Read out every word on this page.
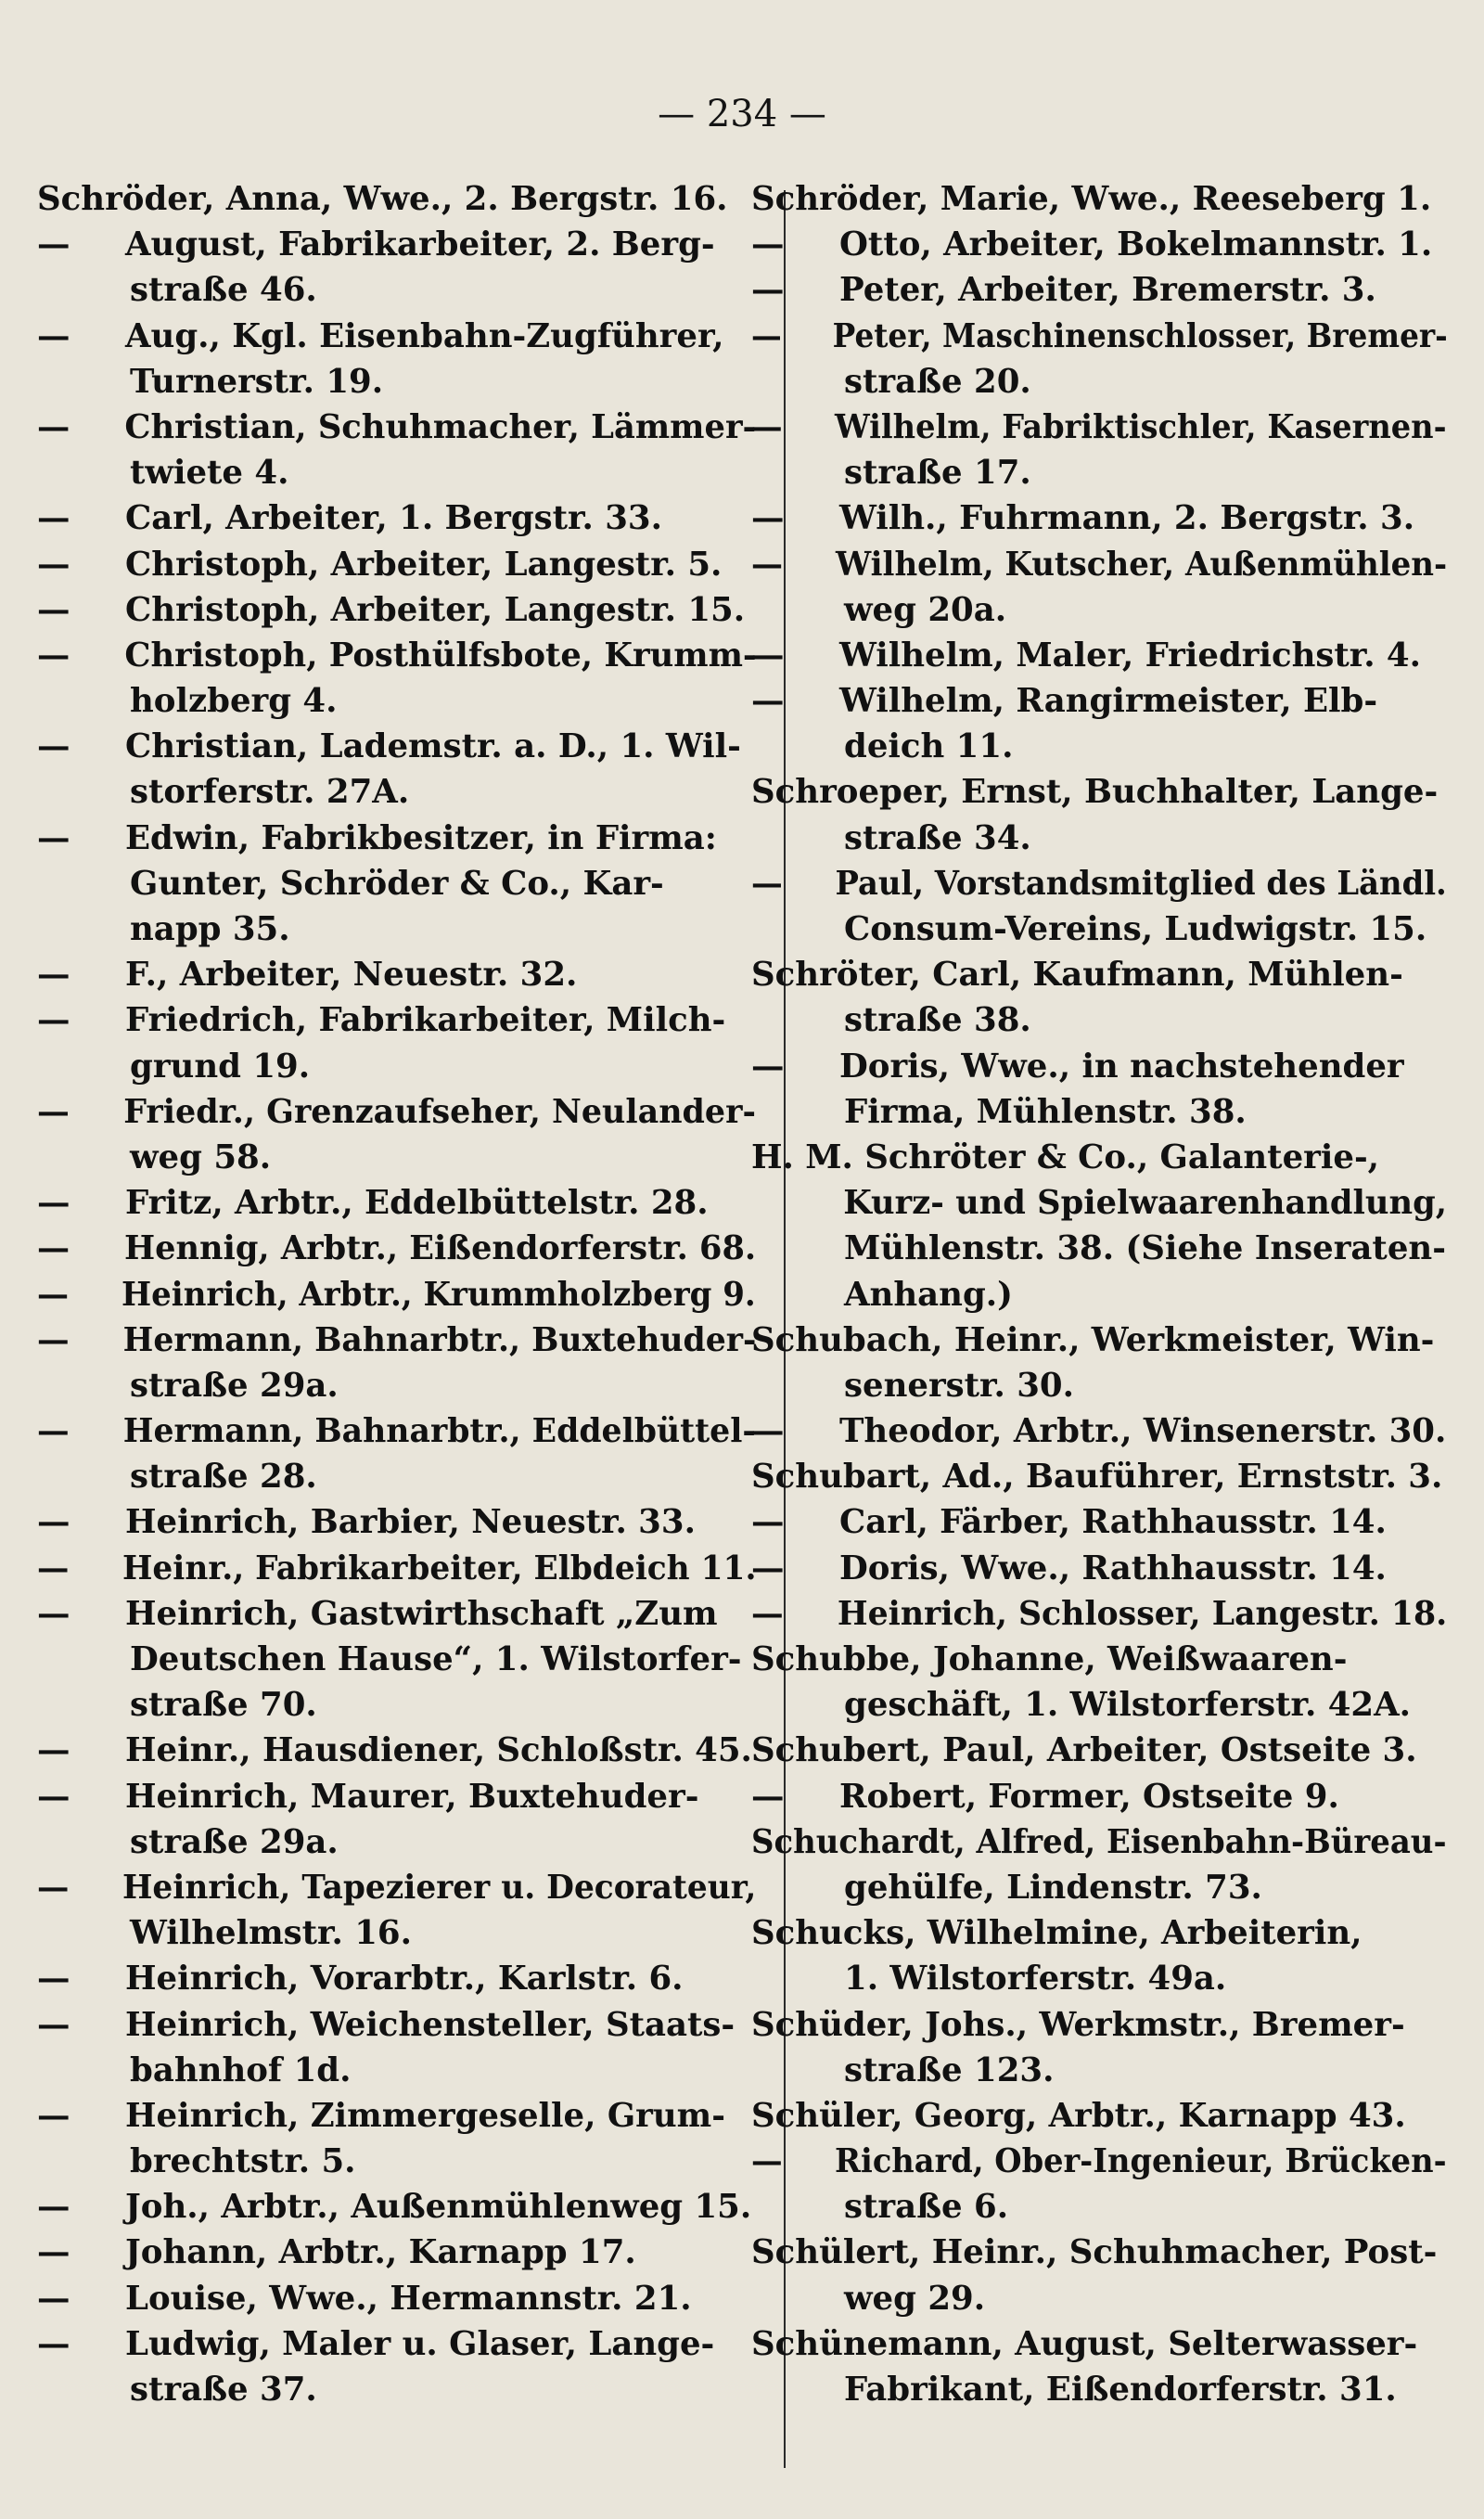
— 234 —
Schröder, Anna, Wwe., 2. Bergstr. 16.
—August, Fabrikarbeiter, 2. Berg-
straße 46.
—Aug., Kgl. Eisenbahn-Zugführer,
Turnerstr. 19.
—Christian, Schuhmacher, Lämmer-
twiete 4.
—Carl, Arbeiter, 1. Bergstr. 33.
—Christoph, Arbeiter, Langestr. 5.
—Christoph, Arbeiter, Langestr. 15.
—Christoph, Posthülfsbote, Krumm-
holzberg 4.
—Christian, Lademstr. a. D., 1. Wil-
storferstr. 27A.
—Edwin, Fabrikbesitzer, in Firma:
Gunter, Schröder & Co., Kar-
napp 35.
—F., Arbeiter, Neuestr. 32.
—Friedrich, Fabrikarbeiter, Milch-
grund 19.
—Friedr., Grenzaufseher, Neulander-
weg 58.
—Fritz, Arbtr., Eddelbüttelstr. 28.
—Hennig, Arbtr., Eißendorferstr. 68.
—Heinrich, Arbtr., Krummholzberg 9.
—Hermann, Bahnarbtr., Buxtehuder-
straße 29a.
—Hermann, Bahnarbtr., Eddelbüttel-
straße 28.
—Heinrich, Barbier, Neuestr. 33.
—Heinr., Fabrikarbeiter, Elbdeich 11.
—Heinrich, Gastwirthschaft „Zum
Deutschen Hause“, 1. Wilstorfer-
straße 70.
—Heinr., Hausdiener, Schloßstr. 45.
—Heinrich, Maurer, Buxtehuder-
straße 29a.
—Heinrich, Tapezierer u. Decorateur,
Wilhelmstr. 16.
—Heinrich, Vorarbtr., Karlstr. 6.
—Heinrich, Weichensteller, Staats-
bahnhof 1d.
—Heinrich, Zimmergeselle, Grum-
brechtstr. 5.
—Joh., Arbtr., Außenmühlenweg 15.
—Johann, Arbtr., Karnapp 17.
—Louise, Wwe., Hermannstr. 21.
—Ludwig, Maler u. Glaser, Lange-
straße 37.
Schröder, Marie, Wwe., Reeseberg 1.
—Otto, Arbeiter, Bokelmannstr. 1.
—Peter, Arbeiter, Bremerstr. 3.
—Peter, Maschinenschlosser, Bremer-
straße 20.
—Wilhelm, Fabriktischler, Kasernen-
straße 17.
—Wilh., Fuhrmann, 2. Bergstr. 3.
—Wilhelm, Kutscher, Außenmühlen-
weg 20a.
—Wilhelm, Maler, Friedrichstr. 4.
—Wilhelm, Rangirmeister, Elb-
deich 11.
Schroeper, Ernst, Buchhalter, Lange-
straße 34.
—Paul, Vorstandsmitglied des Ländl.
Consum-Vereins, Ludwigstr. 15.
Schröter, Carl, Kaufmann, Mühlen-
straße 38.
—Doris, Wwe., in nachstehender
Firma, Mühlenstr. 38.
H. M. Schröter & Co., Galanterie-,
Kurz- und Spielwaarenhandlung,
Mühlenstr. 38. (Siehe Inseraten-
Anhang.)
Schubach, Heinr., Werkmeister, Win-
senerstr. 30.
—Theodor, Arbtr., Winsenerstr. 30.
Schubart, Ad., Bauführer, Ernststr. 3.
—Carl, Färber, Rathhausstr. 14.
—Doris, Wwe., Rathhausstr. 14.
—Heinrich, Schlosser, Langestr. 18.
Schubbe, Johanne, Weißwaaren-
geschäft, 1. Wilstorferstr. 42A.
Schubert, Paul, Arbeiter, Ostseite 3.
—Robert, Former, Ostseite 9.
Schuchardt, Alfred, Eisenbahn-Büreau-
gehülfe, Lindenstr. 73.
Schucks, Wilhelmine, Arbeiterin,
1. Wilstorferstr. 49a.
Schüder, Johs., Werkmstr., Bremer-
straße 123.
Schüler, Georg, Arbtr., Karnapp 43.
—Richard, Ober-Ingenieur, Brücken-
straße 6.
Schülert, Heinr., Schuhmacher, Post-
weg 29.
Schünemann, August, Selterwasser-
Fabrikant, Eißendorferstr. 31.
